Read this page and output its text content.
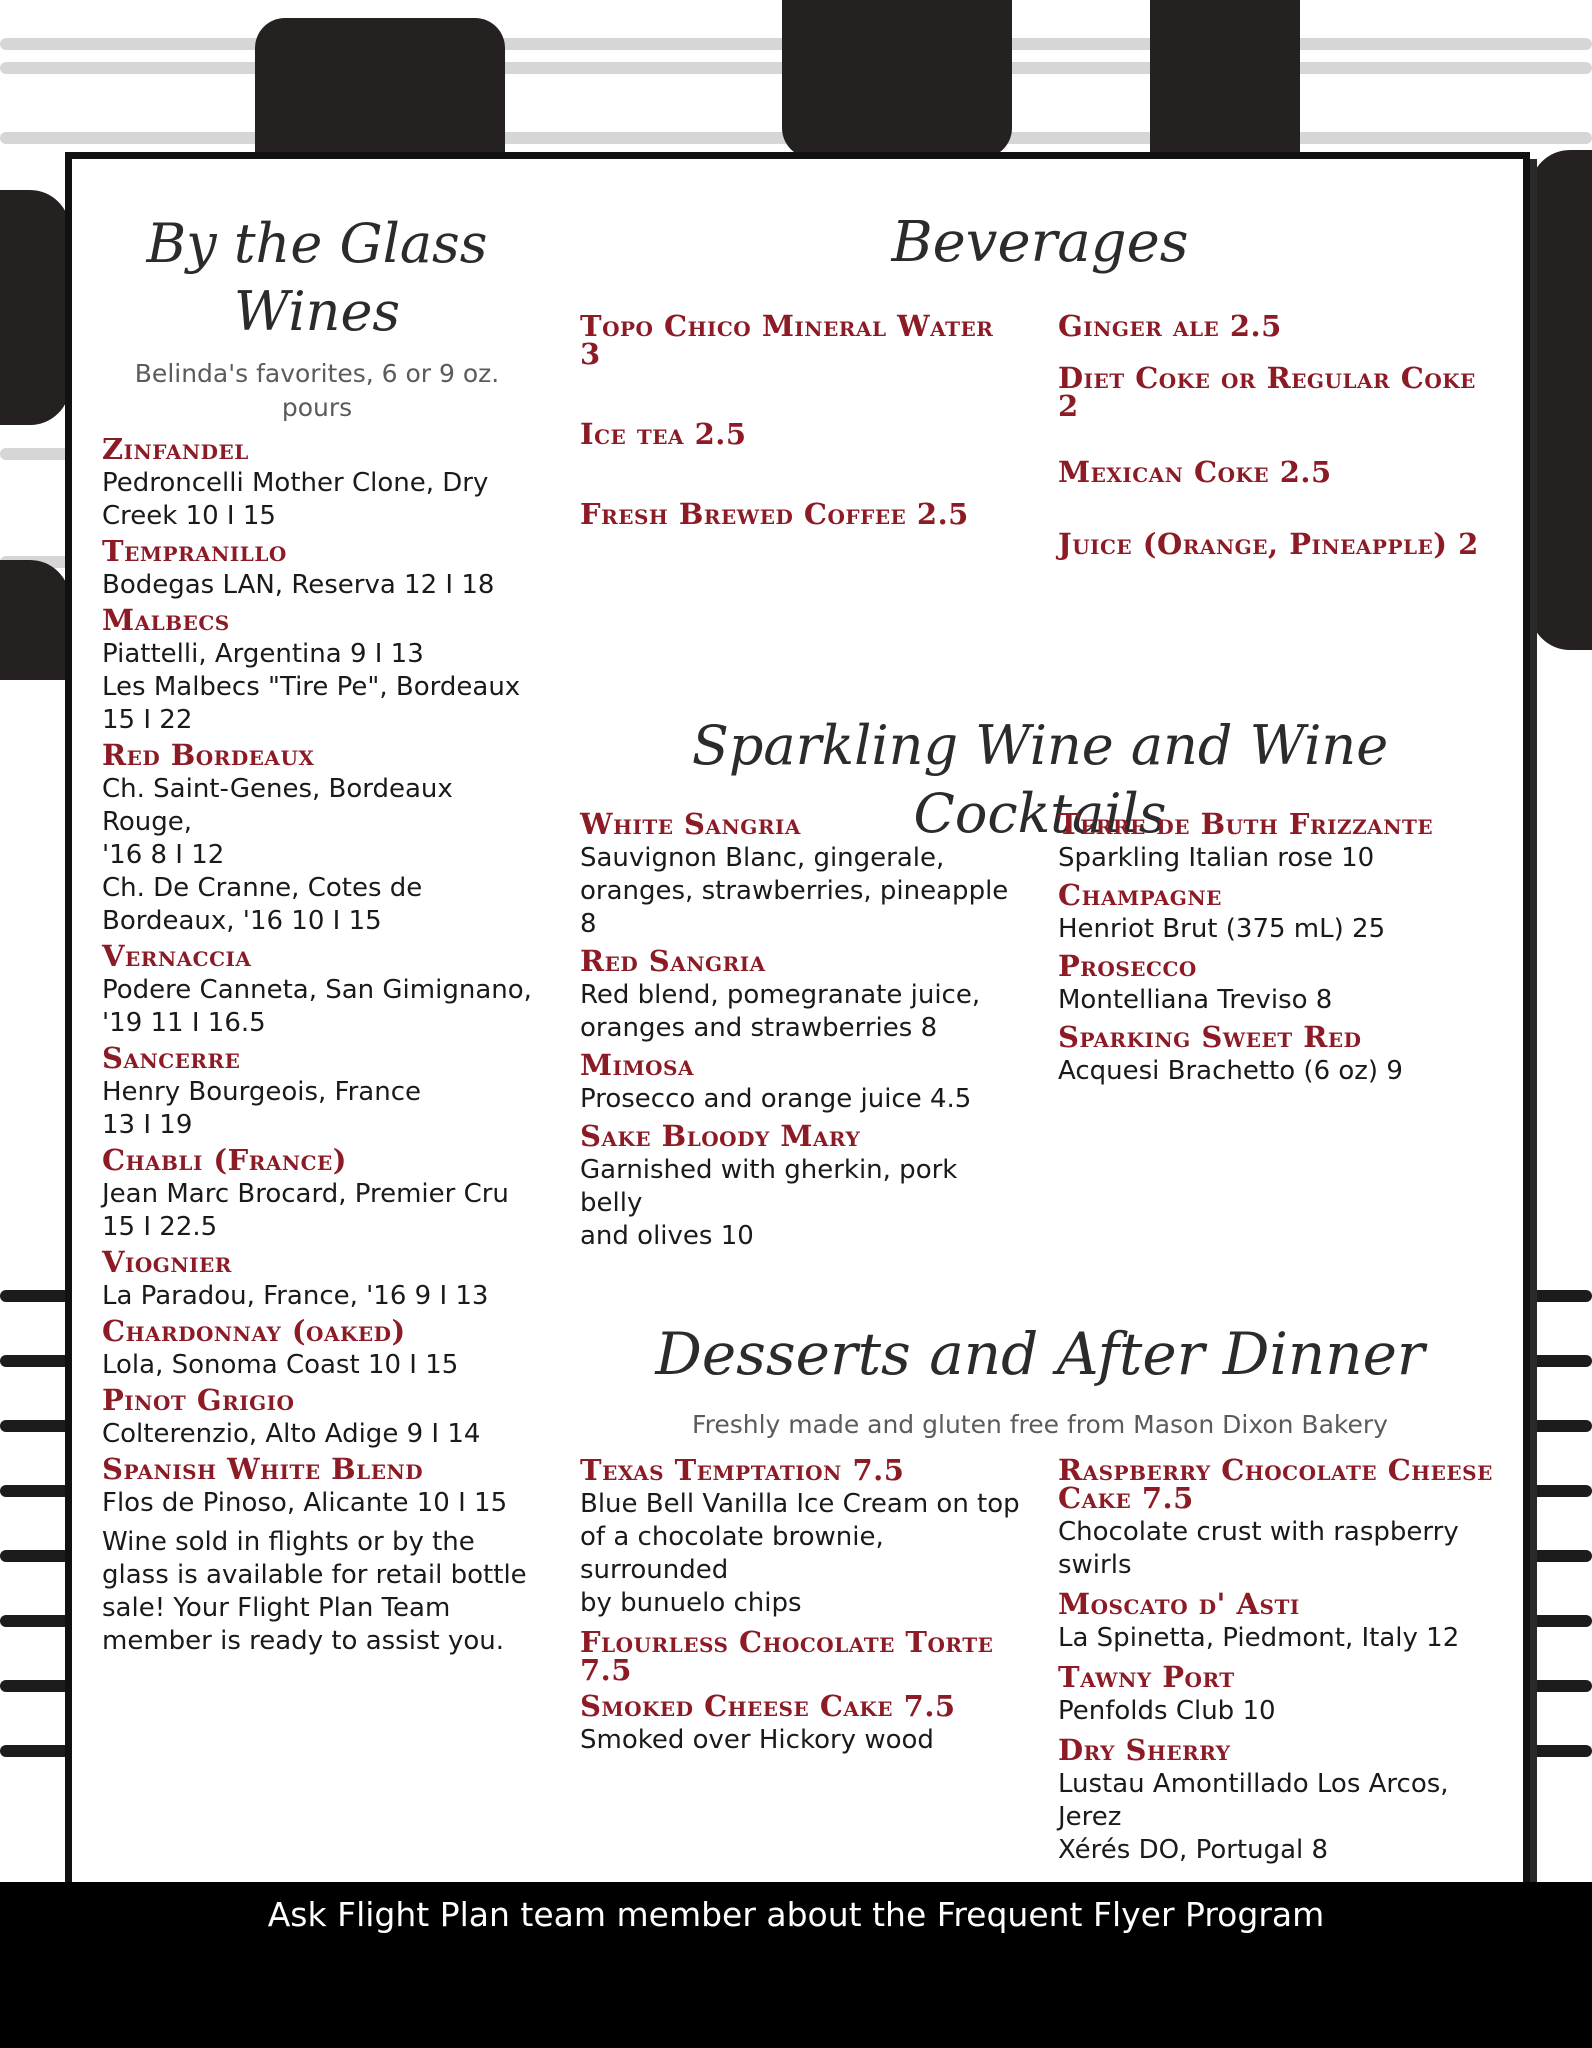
By the Glass
Wines
Belinda's favorites, 6 or 9 oz. pours

Zinfandel

Pedroncelli Mother Clone, Dry
Creek 10 I 15

Tempranillo

Bodegas LAN, Reserva 12 I 18

Malbecs

Piattelli, Argentina 9 I 13
Les Malbecs "Tire Pe", Bordeaux
15 I 22

Red Bordeaux

Ch. Saint-Genes, Bordeaux Rouge,
'16 8 I 12
Ch. De Cranne, Cotes de
Bordeaux, '16 10 I 15

Vernaccia

Podere Canneta, San Gimignano,
'19 11 I 16.5

Sancerre

Henry Bourgeois, France
13 I 19

Chabli (France)

Jean Marc Brocard, Premier Cru
15 I 22.5

Viognier

La Paradou, France, '16 9 I 13

Chardonnay (oaked)

Lola, Sonoma Coast 10 I 15

Pinot Grigio

Colterenzio, Alto Adige 9 I 14

Spanish White Blend

Flos de Pinoso, Alicante 10 I 15

Wine sold in flights or by the glass is available for retail bottle sale! Your Flight Plan Team member is ready to assist you.

Beverages

Topo Chico Mineral Water 3

Ice tea 2.5

Fresh Brewed Coffee 2.5

Ginger ale 2.5

Diet Coke or Regular Coke 2

Mexican Coke 2.5

Juice (Orange, Pineapple) 2

Sparkling Wine and Wine Cocktails

White Sangria

Sauvignon Blanc, gingerale,
oranges, strawberries, pineapple
8

Red Sangria

Red blend, pomegranate juice,
oranges and strawberries 8

Mimosa

Prosecco and orange juice 4.5

Sake Bloody Mary

Garnished with gherkin, pork belly
and olives 10

Terre de Buth Frizzante

Sparkling Italian rose 10

Champagne

Henriot Brut (375 mL) 25

Prosecco

Montelliana Treviso 8

Sparking Sweet Red

Acquesi Brachetto (6 oz) 9

Desserts and After Dinner
Freshly made and gluten free from Mason Dixon Bakery

Texas Temptation 7.5

Blue Bell Vanilla Ice Cream on top
of a chocolate brownie, surrounded
by bunuelo chips

Flourless Chocolate Torte 7.5

Smoked Cheese Cake 7.5

Smoked over Hickory wood

Raspberry Chocolate Cheese Cake 7.5

Chocolate crust with raspberry
swirls

Moscato d' Asti

La Spinetta, Piedmont, Italy 12

Tawny Port

Penfolds Club 10

Dry Sherry

Lustau Amontillado Los Arcos, Jerez
Xérés DO, Portugal 8

Ask Flight Plan team member about the Frequent Flyer Program
